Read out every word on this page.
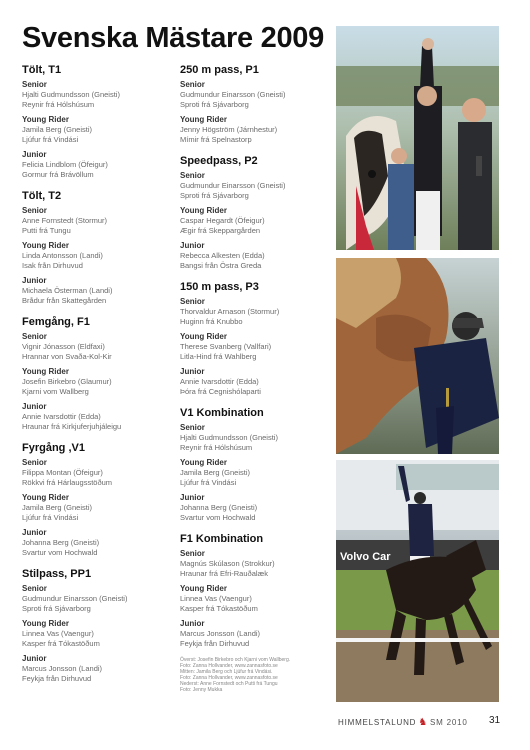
Svenska Mästare 2009
Tölt, T1
Senior
Hjalti Gudmundsson (Gneisti)
Reynir frá Hólshúsum
Young Rider
Jamila Berg (Gneisti)
Ljúfur frá Vindási
Junior
Felicia Lindblom (Öfeigur)
Gormur frá Brávöllum
Tölt, T2
Senior
Anne Fornstedt (Stormur)
Putti frá Tungu
Young Rider
Linda Antonsson (Landi)
Isak från Dirhuvud
Junior
Michaela Österman (Landi)
Brådur från Skattegården
Femgång, F1
Senior
Vignir Jónasson (Eldfaxi)
Hrannar von Svaða-Kol-Kir
Young Rider
Josefin Birkebro (Glaumur)
Kjarni vom Wallberg
Junior
Annie Ivarsdottir (Edda)
Hraunar frá Kirkjuferjuhjáleigu
Fyrgång ,V1
Senior
Filippa Montan (Öfeigur)
Rökkvi frá Hárlaugsstöðum
Young Rider
Jamila Berg (Gneisti)
Ljúfur frá Vindási
Junior
Johanna Berg (Gneisti)
Svartur vom Hochwald
Stilpass, PP1
Senior
Gudmundur Einarsson (Gneisti)
Sproti frá Sjávarborg
Young Rider
Linnea Vas (Vaengur)
Kasper frá Tókastöðum
Junior
Marcus Jonsson (Landi)
Feykja från Dirhuvud
250 m pass, P1
Senior
Gudmundur Einarsson (Gneisti)
Sproti frá Sjávarborg
Young Rider
Jenny Högström (Járnhestur)
Mímir frá Spelnastorp
Speedpass, P2
Senior
Gudmundur Einarsson (Gneisti)
Sproti frá Sjávarborg
Young Rider
Caspar Hegardt (Öfeigur)
Ægir frá Skeppargården
Junior
Rebecca Alkesten (Edda)
Bangsi från Östra Greda
150 m pass, P3
Senior
Thorvaldur Arnason (Stormur)
Huginn frá Knubbo
Young Rider
Therese Svanberg (Vallfari)
Litla-Hind frá Wahlberg
Junior
Annie Ivarsdottir (Edda)
Þóra frá Cegnishólaparti
V1 Kombination
Senior
Hjalti Gudmundsson (Gneisti)
Reynir frá Hólshúsum
Young Rider
Jamila Berg (Gneisti)
Ljúfur frá Vindási
Junior
Johanna Berg (Gneisti)
Svartur vom Hochwald
F1 Kombination
Senior
Magnús Skúlason (Strokkur)
Hraunar frá Efri-Rauðalæk
Young Rider
Linnea Vas (Vaengur)
Kasper frá Tókastöðum
Junior
Marcus Jonsson (Landi)
Feykja från Dirhuvud
Volvo Car
Överst: Josefin Birkebro och Kjarni vom Wallberg.
Foto: Zanna Hollvander, www.zannasfoto.se
Mitten: Jamila Berg och Ljúfur frá Vindási.
Foto: Zanna Hollvander, www.zannasfoto.se
Nederst: Anne Fornstedt och Putti frá Tungu
Foto: Jenny Mukka
HIMMELSTALUND ♞ SM 2010 31
